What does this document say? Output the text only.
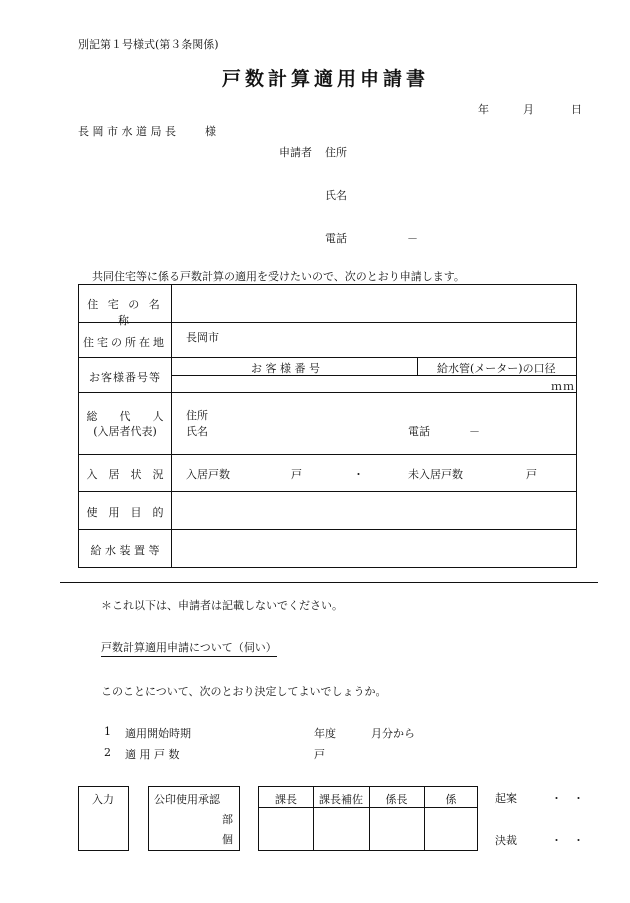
別記第１号様式(第３条関係)
戸数計算適用申請書
年	月	日
長 岡 市 水 道 局 長	様
申請者 住所
氏名
電話	－
共同住宅等に係る戸数計算の適用を受けたいので、次のとおり申請します。
住 宅 の 名 称
住宅の所在地	長岡市
お客様番号等
お 客 様 番 号	給水管(メーター)の口径
ｍｍ
総　　代　　人
(入居者代表)
住所
氏名	電話	－
入　居　状　況	入居戸数	戸	・	未入居戸数	戸
使　用　目　的
給 水 装 置 等
＊これ以下は、申請者は記載しないでください。
戸数計算適用申請について（伺い）
このことについて、次のとおり決定してよいでしょうか。
1 適用開始時期	年度	月分から
2 適 用 戸 数	戸
入力	公印使用承認
部
個
課長	課長補佐	係長	係	起案	・　・
決裁	・　・
